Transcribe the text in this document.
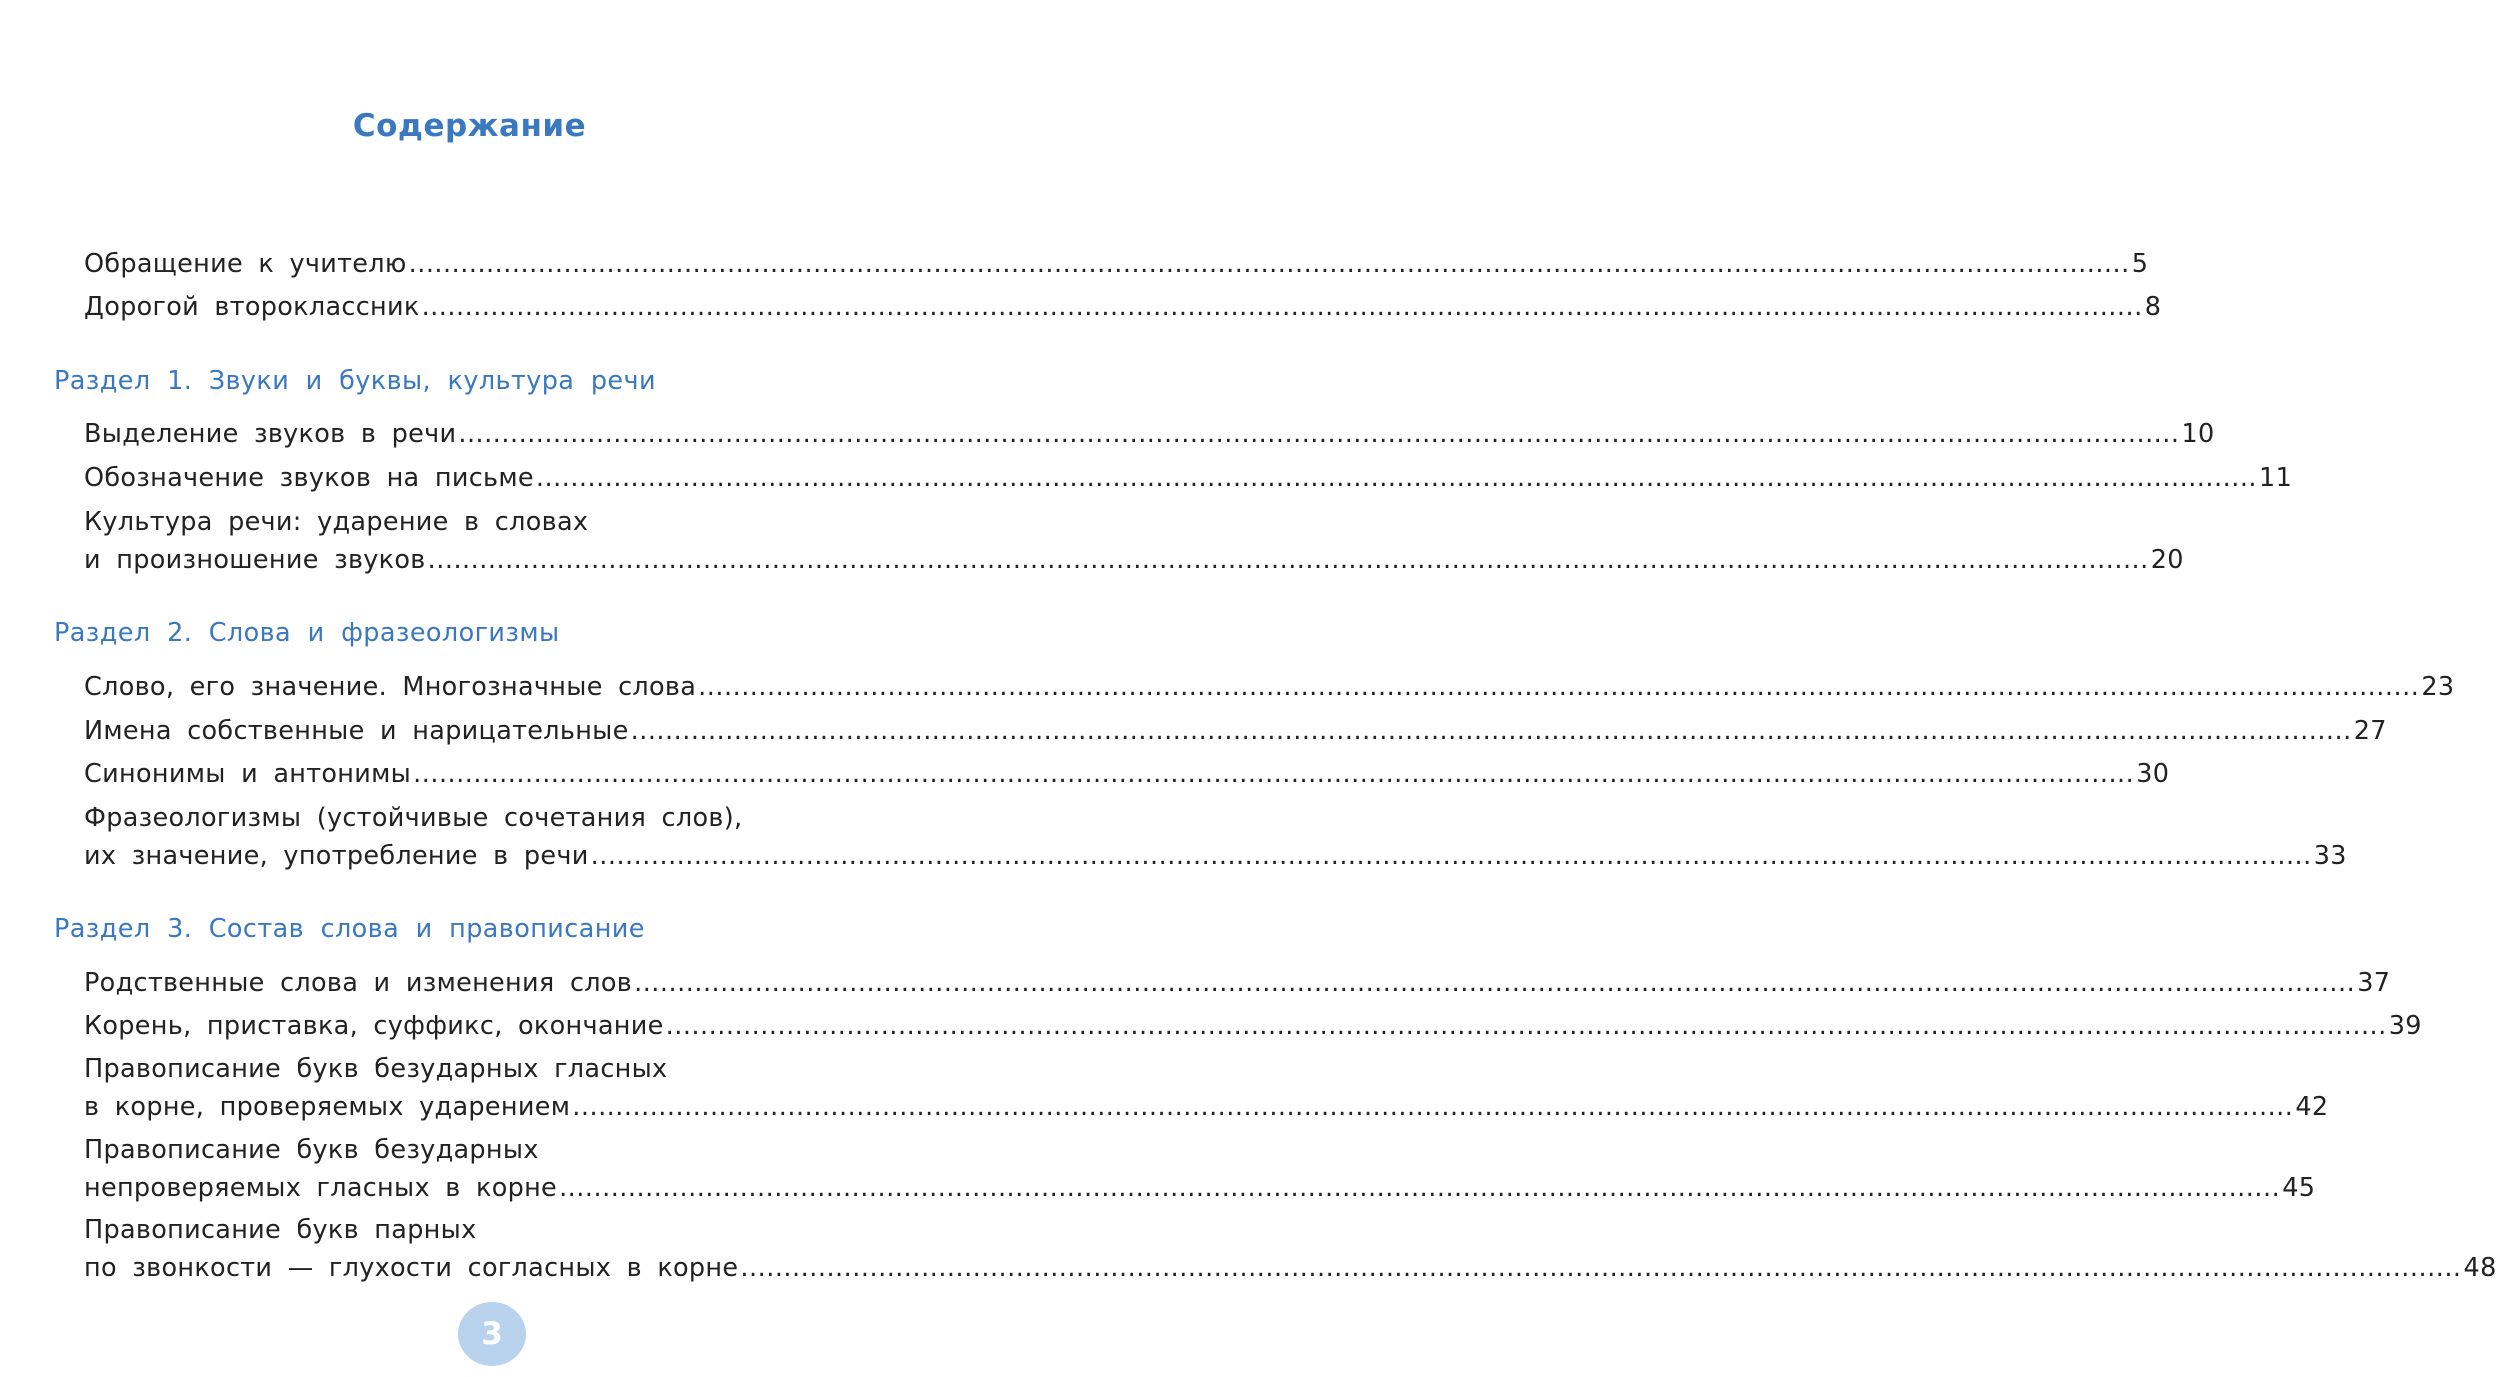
Содержание
Обращение к учителю ........................................................................................................................................................................................................ 5
Дорогой второклассник ........................................................................................................................................................................................................ 8
Раздел 1. Звуки и буквы, культура речи
Выделение звуков в речи ........................................................................................................................................................................................................ 10
Обозначение звуков на письме ........................................................................................................................................................................................................ 11
Культура речи: ударение в словах
и произношение звуков ........................................................................................................................................................................................................ 20
Раздел 2. Слова и фразеологизмы
Слово, его значение. Многозначные слова ........................................................................................................................................................................................................ 23
Имена собственные и нарицательные ........................................................................................................................................................................................................ 27
Синонимы и антонимы ........................................................................................................................................................................................................ 30
Фразеологизмы (устойчивые сочетания слов),
их значение, употребление в речи ........................................................................................................................................................................................................ 33
Раздел 3. Состав слова и правописание
Родственные слова и изменения слов ........................................................................................................................................................................................................ 37
Корень, приставка, суффикс, окончание ........................................................................................................................................................................................................ 39
Правописание букв безударных гласных
в корне, проверяемых ударением ........................................................................................................................................................................................................ 42
Правописание букв безударных
непроверяемых гласных в корне ........................................................................................................................................................................................................ 45
Правописание букв парных
по звонкости — глухости согласных в корне ........................................................................................................................................................................................................ 48
3
